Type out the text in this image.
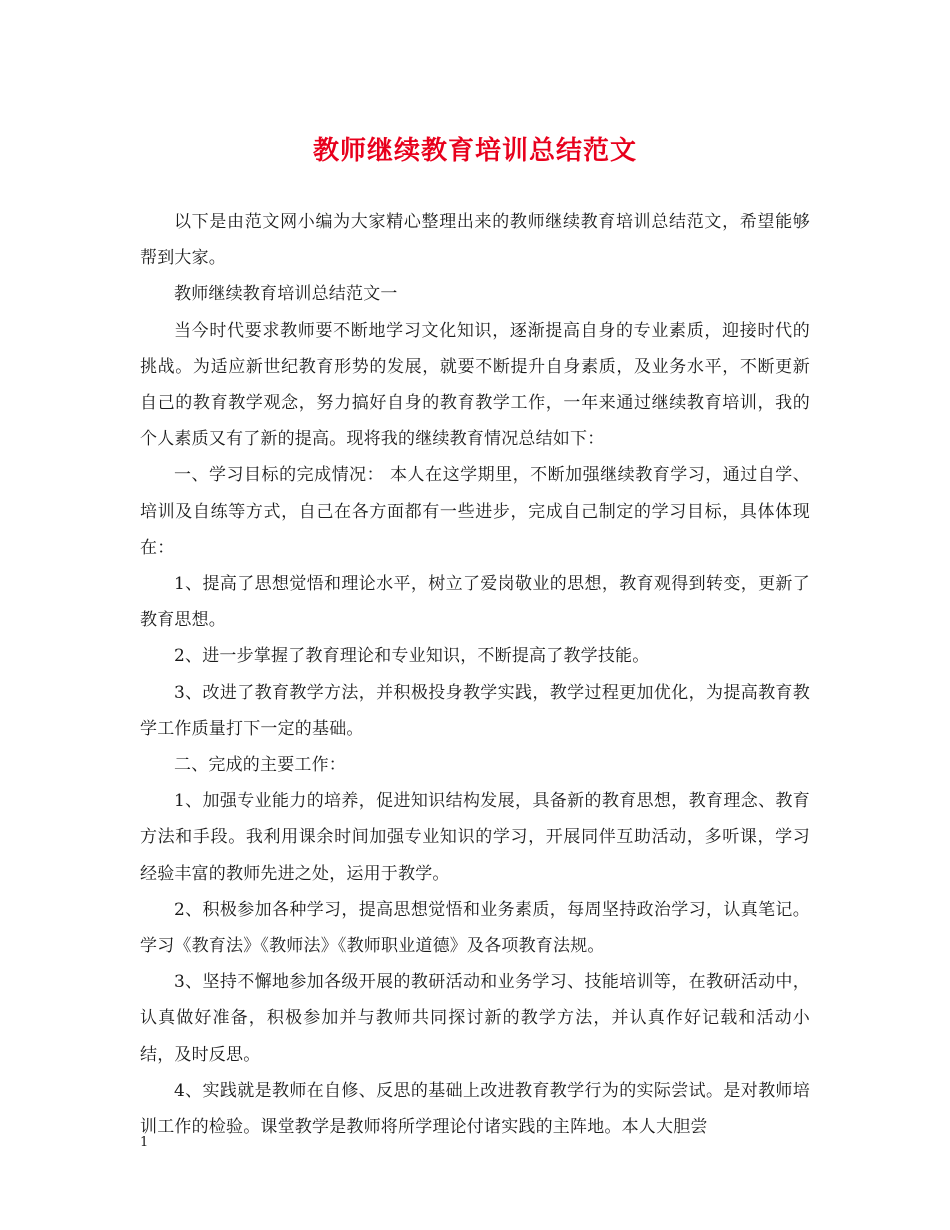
教师继续教育培训总结范文

以下是由范文网小编为大家精心整理出来的教师继续教育培训总结范文，希望能够帮到大家。

教师继续教育培训总结范文一

当今时代要求教师要不断地学习文化知识，逐渐提高自身的专业素质，迎接时代的挑战。为适应新世纪教育形势的发展，就要不断提升自身素质，及业务水平，不断更新自己的教育教学观念，努力搞好自身的教育教学工作，一年来通过继续教育培训，我的个人素质又有了新的提高。现将我的继续教育情况总结如下：

一、学习目标的完成情况： 本人在这学期里，不断加强继续教育学习，通过自学、培训及自练等方式，自己在各方面都有一些进步，完成自己制定的学习目标，具体体现在：

1、提高了思想觉悟和理论水平，树立了爱岗敬业的思想，教育观得到转变，更新了教育思想。

2、进一步掌握了教育理论和专业知识，不断提高了教学技能。

3、改进了教育教学方法，并积极投身教学实践，教学过程更加优化，为提高教育教学工作质量打下一定的基础。

二、完成的主要工作：

1、加强专业能力的培养，促进知识结构发展，具备新的教育思想，教育理念、教育方法和手段。我利用课余时间加强专业知识的学习，开展同伴互助活动，多听课，学习经验丰富的教师先进之处，运用于教学。

2、积极参加各种学习，提高思想觉悟和业务素质，每周坚持政治学习，认真笔记。学习《教育法》《教师法》《教师职业道德》及各项教育法规。

3、坚持不懈地参加各级开展的教研活动和业务学习、技能培训等，在教研活动中，认真做好准备，积极参加并与教师共同探讨新的教学方法，并认真作好记载和活动小结，及时反思。

4、实践就是教师在自修、反思的基础上改进教育教学行为的实际尝试。是对教师培训工作的检验。课堂教学是教师将所学理论付诸实践的主阵地。本人大胆尝

1
